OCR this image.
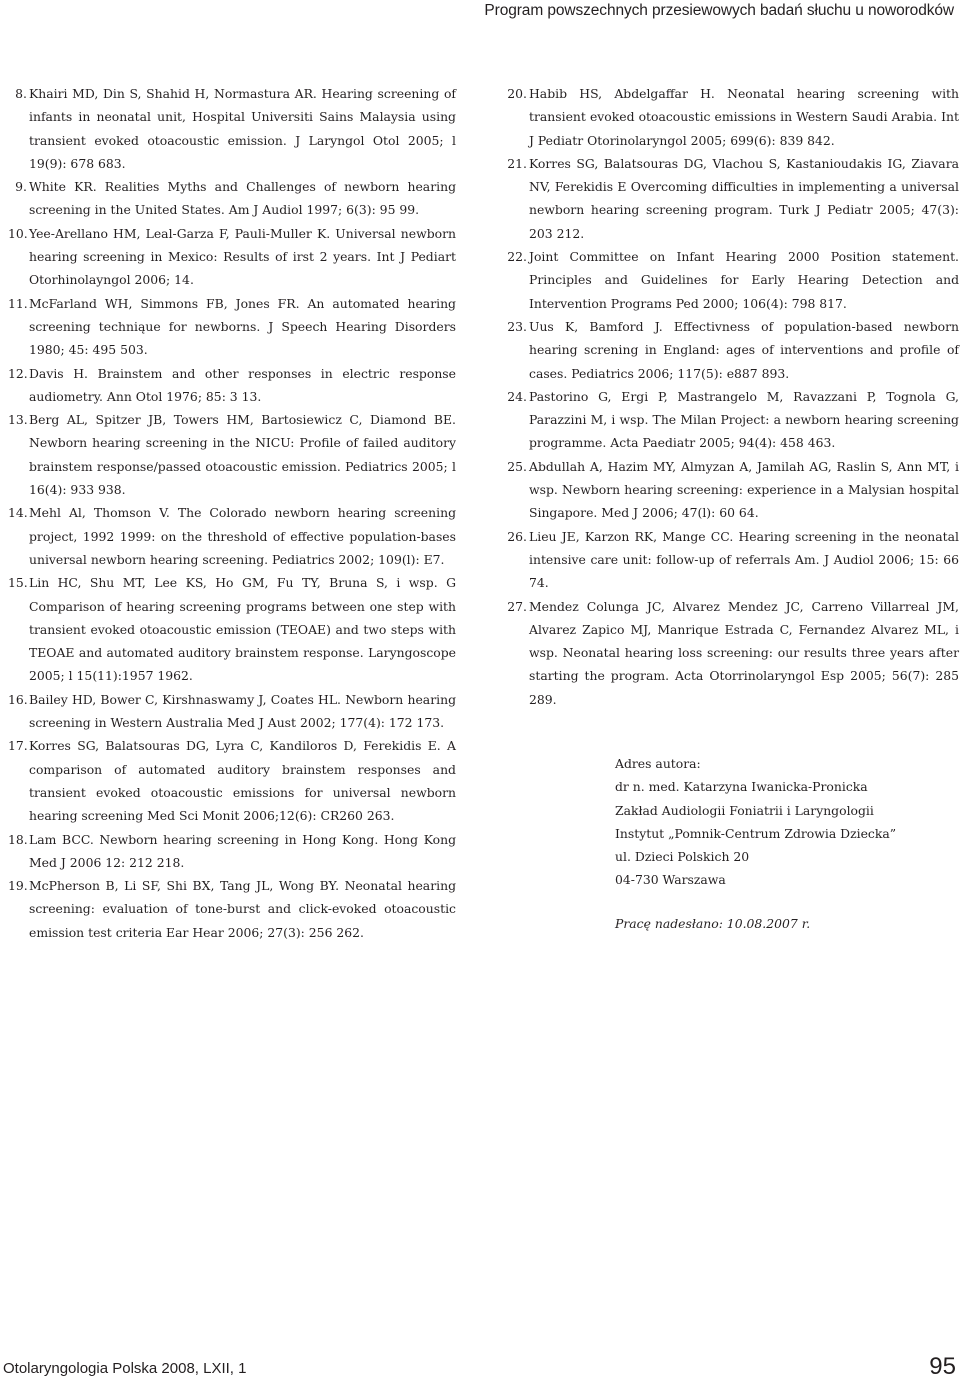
Program powszechnych przesiewowych badań słuchu u noworodków
8. Khairi MD, Din S, Shahid H, Normastura AR. Hearing screening of infants in neonatal unit, Hospital Universiti Sains Malaysia using transient evoked otoacoustic emission. J Laryngol Otol 2005; l 19(9): 678 683.
9. White KR. Realities Myths and Challenges of newborn hearing screening in the United States. Am J Audiol 1997; 6(3): 95 99.
10. Yee-Arellano HM, Leal-Garza F, Pauli-Muller K. Universal newborn hearing screening in Mexico: Results of irst 2 years. Int J Pediart Otorhinolayngol 2006; 14.
11. McFarland WH, Simmons FB, Jones FR. An automated hearing screening techniąue for newborns. J Speech Hearing Disorders 1980; 45: 495 503.
12. Davis H. Brainstem and other responses in electric response audiometry. Ann Otol 1976; 85: 3 13.
13. Berg AL, Spitzer JB, Towers HM, Bartosiewicz C, Diamond BE. Newborn hearing screening in the NICU: Profile of failed auditory brainstem response/passed otoacoustic emission. Pediatrics 2005; l 16(4): 933 938.
14. Mehl Al, Thomson V. The Colorado newborn hearing screening project, 1992 1999: on the threshold of effective population-bases universal newborn hearing screening. Pediatrics 2002; 109(l): E7.
15. Lin HC, Shu MT, Lee KS, Ho GM, Fu TY, Bruna S, i wsp. G Comparison of hearing screening programs between one step with transient evoked otoacoustic emission (TEOAE) and two steps with TEOAE and automated auditory brainstem response. Laryngoscope 2005; l 15(11):1957 1962.
16. Bailey HD, Bower C, Kirshnaswamy J, Coates HL. Newborn hearing screening in Western Australia Med J Aust 2002; 177(4): 172 173.
17. Korres SG, Balatsouras DG, Lyra C, Kandiloros D, Ferekidis E. A comparison of automated auditory brainstem responses and transient evoked otoacoustic emissions for universal newborn hearing screening Med Sci Monit 2006;12(6): CR260 263.
18. Lam BCC. Newborn hearing screening in Hong Kong. Hong Kong Med J 2006 12: 212 218.
19. McPherson B, Li SF, Shi BX, Tang JL, Wong BY. Neonatal hearing screening: evaluation of tone-burst and click-evoked otoacoustic emission test criteria Ear Hear 2006; 27(3): 256 262.
20. Habib HS, Abdelgaffar H. Neonatal hearing screening with transient evoked otoacoustic emissions in Western Saudi Arabia. Int J Pediatr Otorinolaryngol 2005; 699(6): 839 842.
21. Korres SG, Balatsouras DG, Vlachou S, Kastanioudakis IG, Ziavara NV, Ferekidis E Overcoming difficulties in implementing a universal newborn hearing screening program. Turk J Pediatr 2005; 47(3): 203 212.
22. Joint Committee on Infant Hearing 2000 Position statement. Principles and Guidelines for Early Hearing Detection and Intervention Programs Ped 2000; 106(4): 798 817.
23. Uus K, Bamford J. Effectivness of population-based newborn hearing screning in England: ages of interventions and profile of cases. Pediatrics 2006; 117(5): e887 893.
24. Pastorino G, Ergi P, Mastrangelo M, Ravazzani P, Tognola G, Parazzini M, i wsp. The Milan Project: a newborn hearing screening programme. Acta Paediatr 2005; 94(4): 458 463.
25. Abdullah A, Hazim MY, Almyzan A, Jamilah AG, Raslin S, Ann MT, i wsp. Newborn hearing screening: experience in a Malysian hospital Singapore. Med J 2006; 47(l): 60 64.
26. Lieu JE, Karzon RK, Mange CC. Hearing screening in the neonatal intensive care unit: follow-up of referrals Am. J Audiol 2006; 15: 66 74.
27. Mendez Colunga JC, Alvarez Mendez JC, Carreno Villarreal JM, Alvarez Zapico MJ, Manrique Estrada C, Fernandez Alvarez ML, i wsp. Neonatal hearing loss screening: our results three years after starting the program. Acta Otorrinolaryngol Esp 2005; 56(7): 285 289.
Adres autora:
dr n. med. Katarzyna Iwanicka-Pronicka
Zakład Audiologii Foniatrii i Laryngologii
Instytut „Pomnik-Centrum Zdrowia Dziecka”
ul. Dzieci Polskich 20
04-730 Warszawa
Pracę nadesłano: 10.08.2007 r.
Otolaryngologia Polska 2008, LXII, 1	95
